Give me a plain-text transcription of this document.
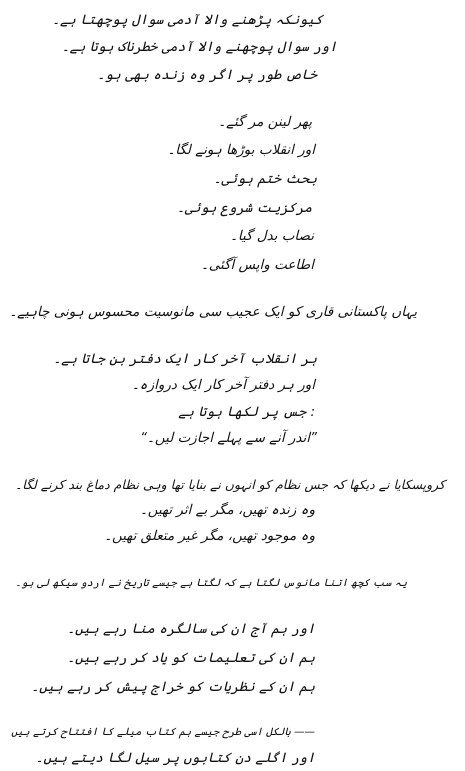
کیونکہ پڑھنے والا آدمی سوال پوچھتا ہے۔
اور سوال پوچھنے والا آدمی خطرناک ہوتا ہے۔
خاص طور پر اگر وہ زندہ بھی ہو۔
پھر لینن مر گئے۔
اور انقلاب بوڑھا ہونے لگا۔
بحث ختم ہوئی۔
مرکزیت شروع ہوئی۔
نصاب بدل گیا۔
اطاعت واپس آگئی۔
یہاں پاکستانی قاری کو ایک عجیب سی مانوسیت محسوس ہونی چاہیے۔
ہر انقلاب آخر کار ایک دفتر بن جاتا ہے۔
اور ہر دفتر آخر کار ایک دروازہ۔
: جس پر لکھا ہوتا ہے
”اندر آنے سے پہلے اجازت لیں۔“
کروپسکایا نے دیکھا کہ جس نظام کو انہوں نے بنایا تھا وہی نظام دماغ بند کرنے لگا۔
وہ زندہ تھیں، مگر بے اثر تھیں۔
وہ موجود تھیں، مگر غیر متعلق تھیں۔
یہ سب کچھ اتنا مانوس لگتا ہے کہ لگتا ہے جیسے تاریخ نے اردو سیکھ لی ہو۔
اور ہم آج ان کی سالگرہ منا رہے ہیں۔
ہم ان کی تعلیمات کو یاد کر رہے ہیں۔
ہم ان کے نظریات کو خراج پیش کر رہے ہیں۔
—— بالکل اسی طرح جیسے ہم کتاب میلے کا افتتاح کرتے ہیں
اور اگلے دن کتابوں پر سیل لگا دیتے ہیں۔
